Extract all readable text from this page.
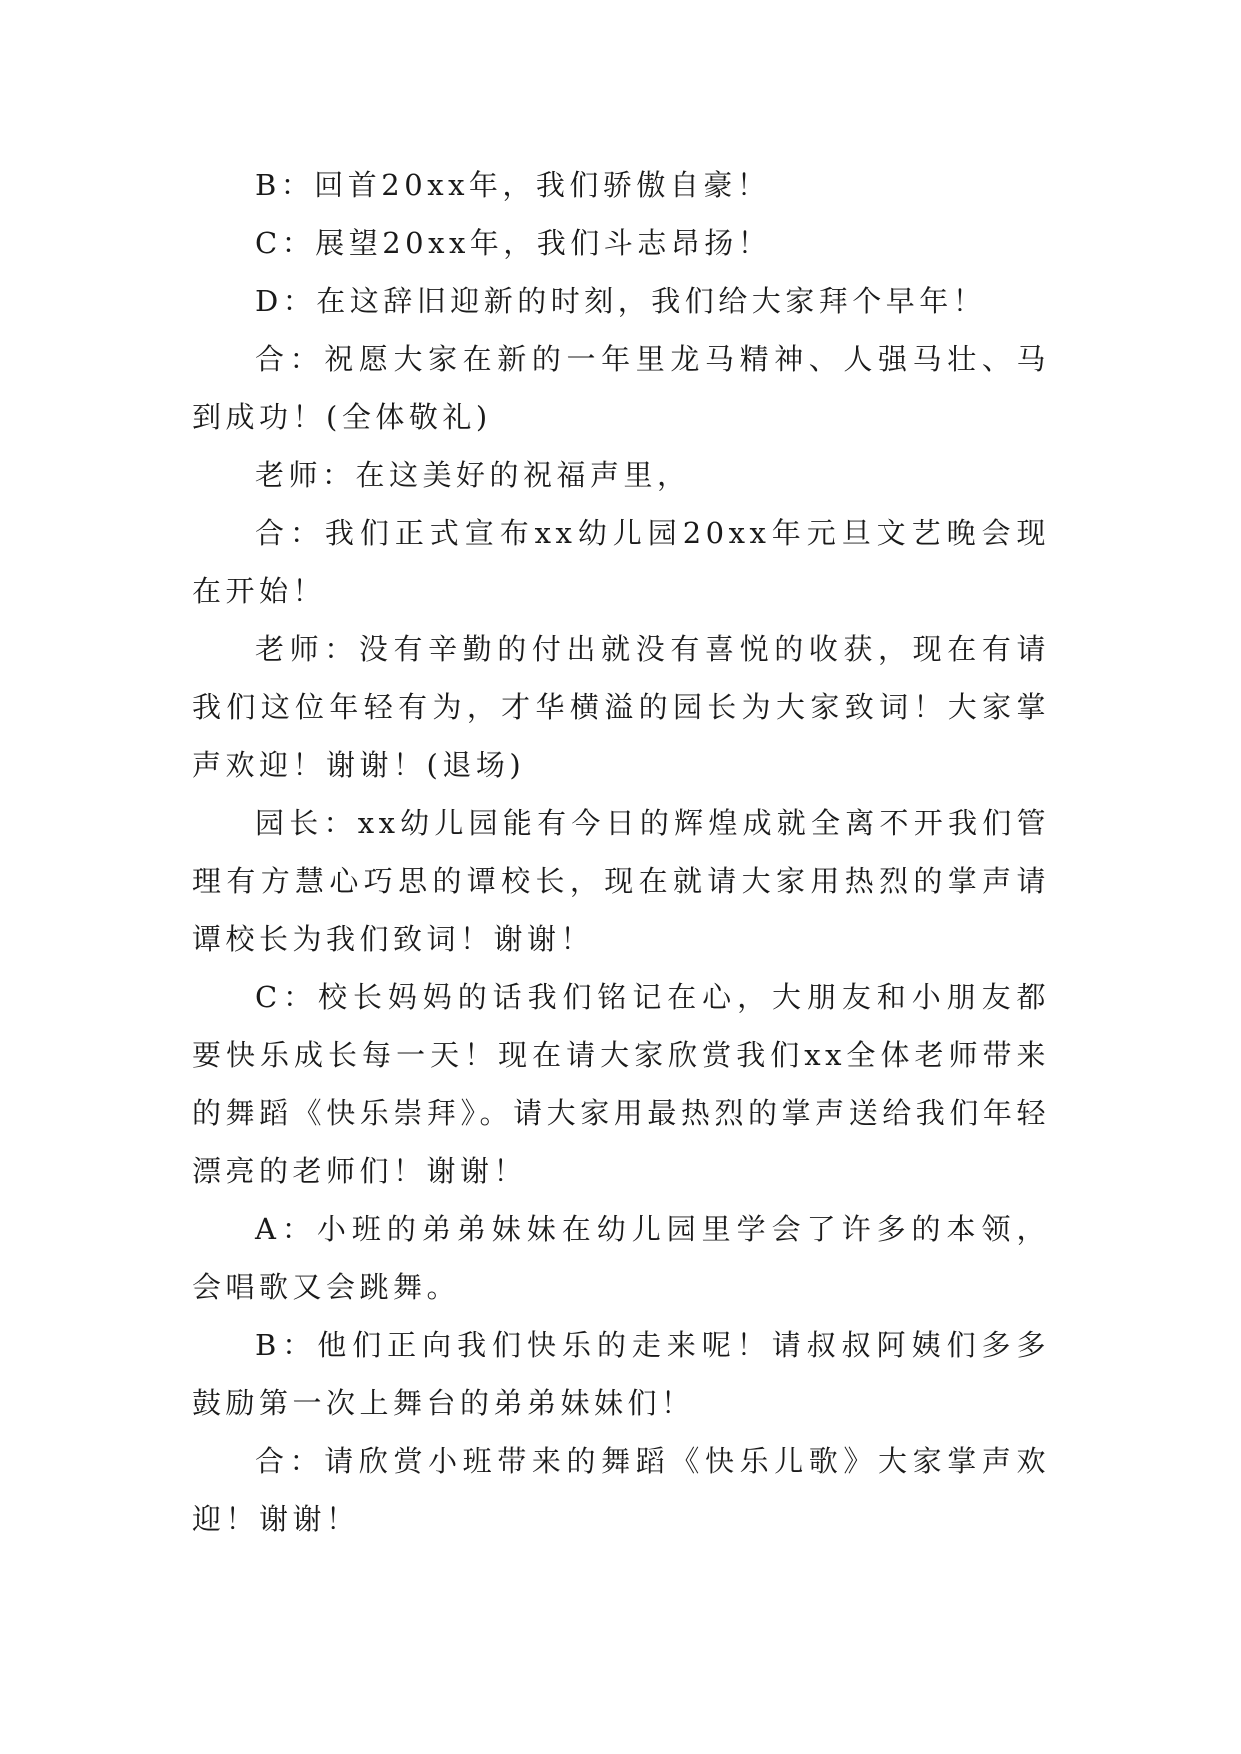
B：回首20xx年，我们骄傲自豪！

C：展望20xx年，我们斗志昂扬！

D：在这辞旧迎新的时刻，我们给大家拜个早年！

合：祝愿大家在新的一年里龙马精神、人强马壮、马到成功！(全体敬礼)

老师：在这美好的祝福声里，

合：我们正式宣布xx幼儿园20xx年元旦文艺晚会现在开始！

老师：没有辛勤的付出就没有喜悦的收获，现在有请我们这位年轻有为，才华横溢的园长为大家致词！大家掌声欢迎！谢谢！(退场)

园长：xx幼儿园能有今日的辉煌成就全离不开我们管理有方慧心巧思的谭校长，现在就请大家用热烈的掌声请谭校长为我们致词！谢谢！

C：校长妈妈的话我们铭记在心，大朋友和小朋友都要快乐成长每一天！现在请大家欣赏我们xx全体老师带来的舞蹈《快乐崇拜》。请大家用最热烈的掌声送给我们年轻漂亮的老师们！谢谢！

A：小班的弟弟妹妹在幼儿园里学会了许多的本领，会唱歌又会跳舞。

B：他们正向我们快乐的走来呢！请叔叔阿姨们多多鼓励第一次上舞台的弟弟妹妹们！

合：请欣赏小班带来的舞蹈《快乐儿歌》大家掌声欢迎！谢谢！
